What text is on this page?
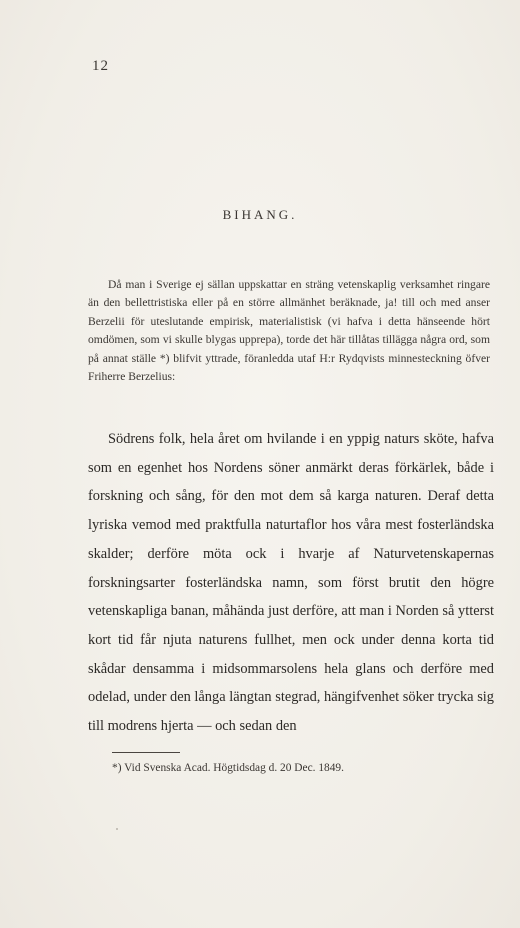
12
BIHANG.

Då man i Sverige ej sällan uppskattar en sträng vetenskaplig verksamhet ringare än den bellettristiska eller på en större allmänhet beräknade, ja! till och med anser Berzelii för uteslutande empirisk, materialistisk (vi hafva i detta hänseende hört omdömen, som vi skulle blygas upprepa), torde det här tillåtas tillägga några ord, som på annat ställe *) blifvit yttrade, föranledda utaf H:r Rydqvists minnesteckning öfver Friherre Berzelius:

Södrens folk, hela året om hvilande i en yppig naturs sköte, hafva som en egenhet hos Nordens söner anmärkt deras förkärlek, både i forskning och sång, för den mot dem så karga naturen. Deraf detta lyriska vemod med praktfulla naturtaflor hos våra mest fosterländska skalder; derföre möta ock i hvarje af Naturvetenskapernas forskningsarter fosterländska namn, som först brutit den högre vetenskapliga banan, måhända just derföre, att man i Norden så ytterst kort tid får njuta naturens fullhet, men ock under denna korta tid skådar densamma i midsommarsolens hela glans och derföre med odelad, under den långa längtan stegrad, hängifvenhet söker trycka sig till modrens hjerta — och sedan den

*) Vid Svenska Acad. Högtidsdag d. 20 Dec. 1849.
